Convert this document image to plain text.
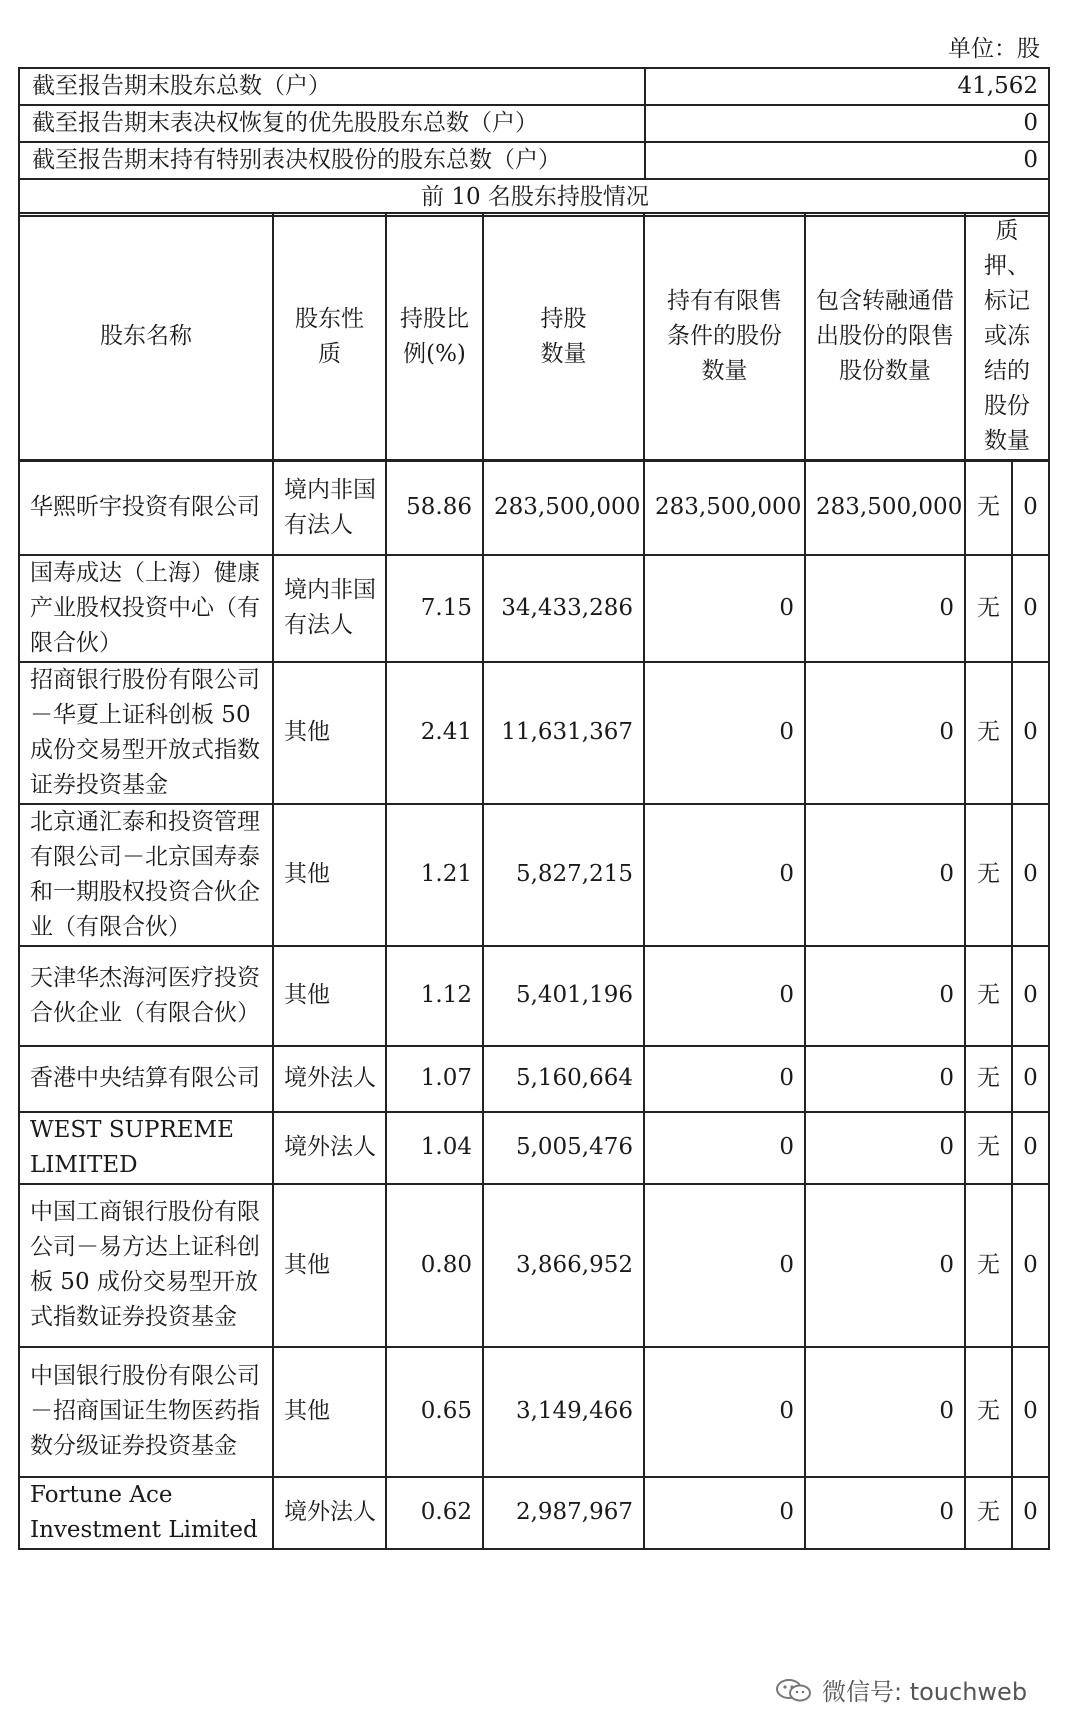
单位：股
截至报告期末股东总数（户）	41,562
截至报告期末表决权恢复的优先股股东总数（户）	0
截至报告期末持有特别表决权股份的股东总数（户）	0
前 10 名股东持股情况	
股东名称	股东性质	持股比例(%)	持股数量	持有有限售条件的股份数量	包含转融通借出股份的限售股份数量	质押、标记或冻结的股份数量	
华熙昕宇投资有限公司	境内非国有法人	58.86	283,500,000	283,500,000	283,500,000	无	0
国寿成达（上海）健康产业股权投资中心（有限合伙）	境内非国有法人	7.15	34,433,286	0	0	无	0
招商银行股份有限公司－华夏上证科创板 50 成份交易型开放式指数证券投资基金	其他	2.41	11,631,367	0	0	无	0
北京通汇泰和投资管理有限公司－北京国寿泰和一期股权投资合伙企业（有限合伙）	其他	1.21	5,827,215	0	0	无	0
天津华杰海河医疗投资合伙企业（有限合伙）	其他	1.12	5,401,196	0	0	无	0
香港中央结算有限公司	境外法人	1.07	5,160,664	0	0	无	0
WEST SUPREME LIMITED	境外法人	1.04	5,005,476	0	0	无	0
中国工商银行股份有限公司－易方达上证科创板 50 成份交易型开放式指数证券投资基金	其他	0.80	3,866,952	0	0	无	0
中国银行股份有限公司－招商国证生物医药指数分级证券投资基金	其他	0.65	3,149,466	0	0	无	0
Fortune Ace Investment Limited	境外法人	0.62	2,987,967	0	0	无	0
微信号: touchweb
